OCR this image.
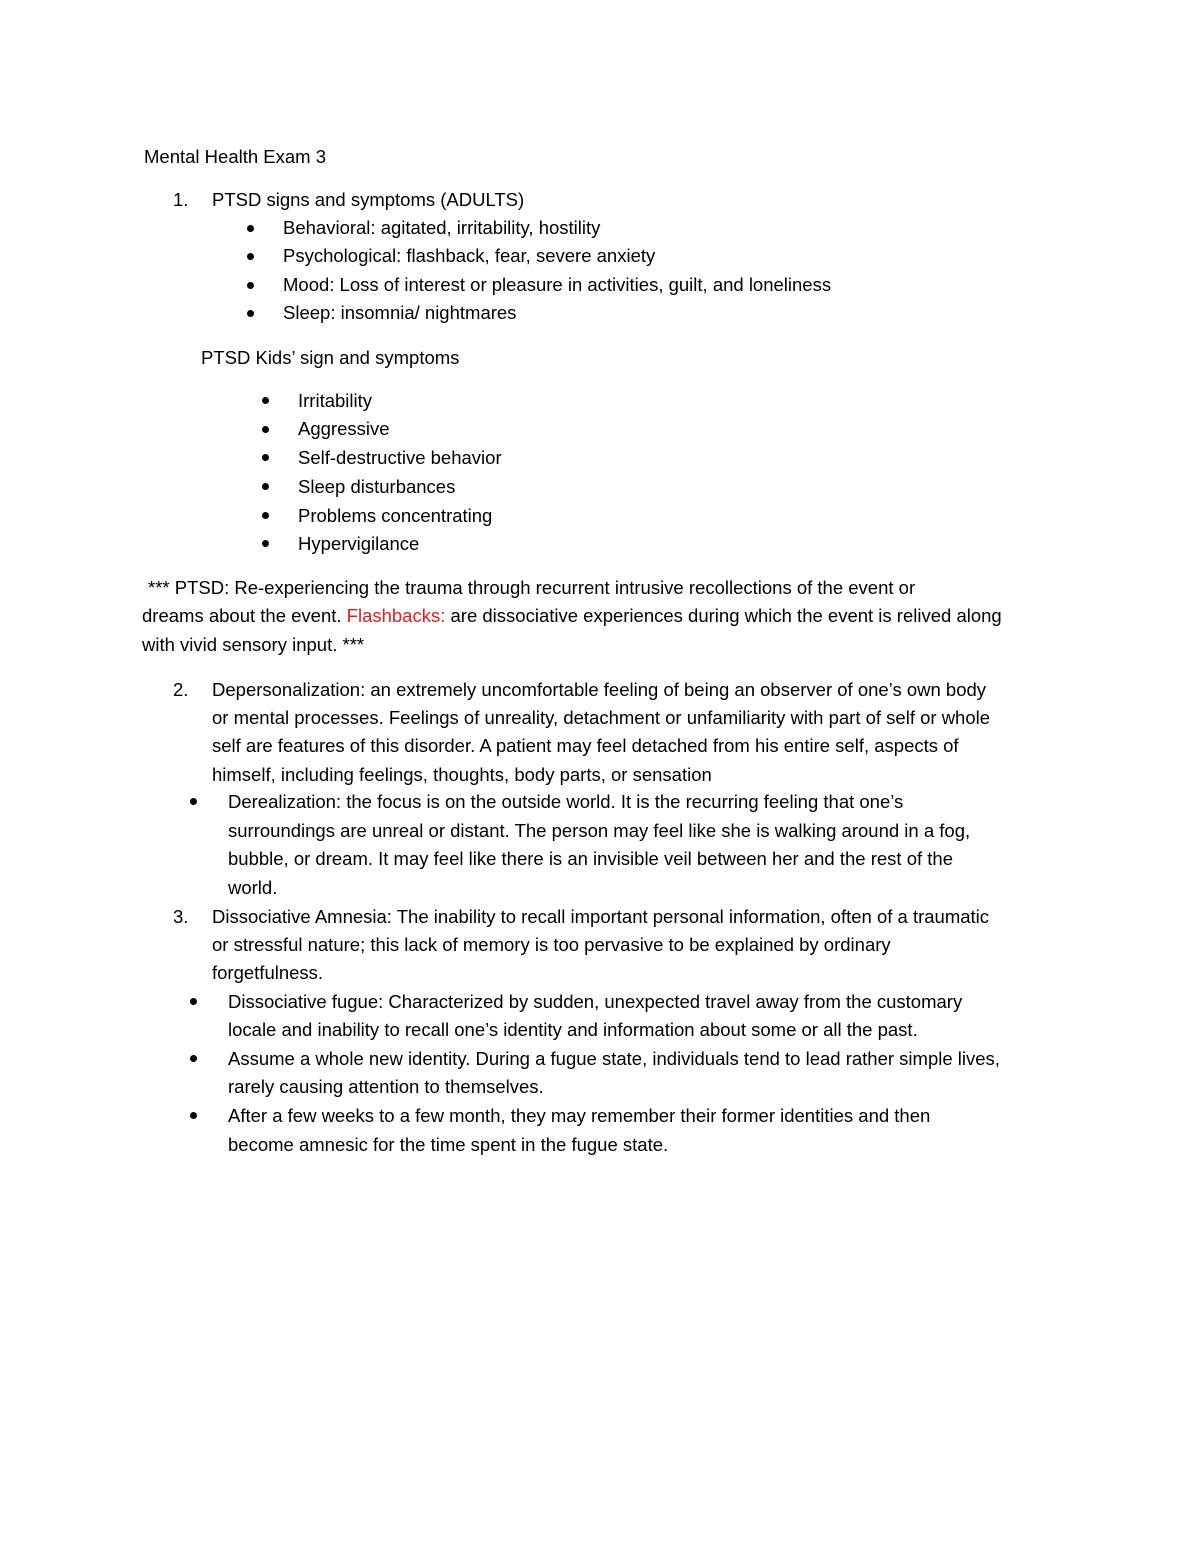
Mental Health Exam 3
1. PTSD signs and symptoms (ADULTS)
Behavioral: agitated, irritability, hostility
Psychological: flashback, fear, severe anxiety
Mood: Loss of interest or pleasure in activities, guilt, and loneliness
Sleep: insomnia/ nightmares
PTSD Kids’ sign and symptoms
Irritability
Aggressive
Self-destructive behavior
Sleep disturbances
Problems concentrating
Hypervigilance
*** PTSD: Re-experiencing the trauma through recurrent intrusive recollections of the event or
dreams about the event. Flashbacks: are dissociative experiences during which the event is relived along
with vivid sensory input. ***
2. Depersonalization: an extremely uncomfortable feeling of being an observer of one’s own body
or mental processes. Feelings of unreality, detachment or unfamiliarity with part of self or whole
self are features of this disorder. A patient may feel detached from his entire self, aspects of
himself, including feelings, thoughts, body parts, or sensation
Derealization: the focus is on the outside world. It is the recurring feeling that one’s
surroundings are unreal or distant. The person may feel like she is walking around in a fog,
bubble, or dream. It may feel like there is an invisible veil between her and the rest of the
world.
3. Dissociative Amnesia: The inability to recall important personal information, often of a traumatic
or stressful nature; this lack of memory is too pervasive to be explained by ordinary
forgetfulness.
Dissociative fugue: Characterized by sudden, unexpected travel away from the customary
locale and inability to recall one’s identity and information about some or all the past.
Assume a whole new identity. During a fugue state, individuals tend to lead rather simple lives,
rarely causing attention to themselves.
After a few weeks to a few month, they may remember their former identities and then
become amnesic for the time spent in the fugue state.
